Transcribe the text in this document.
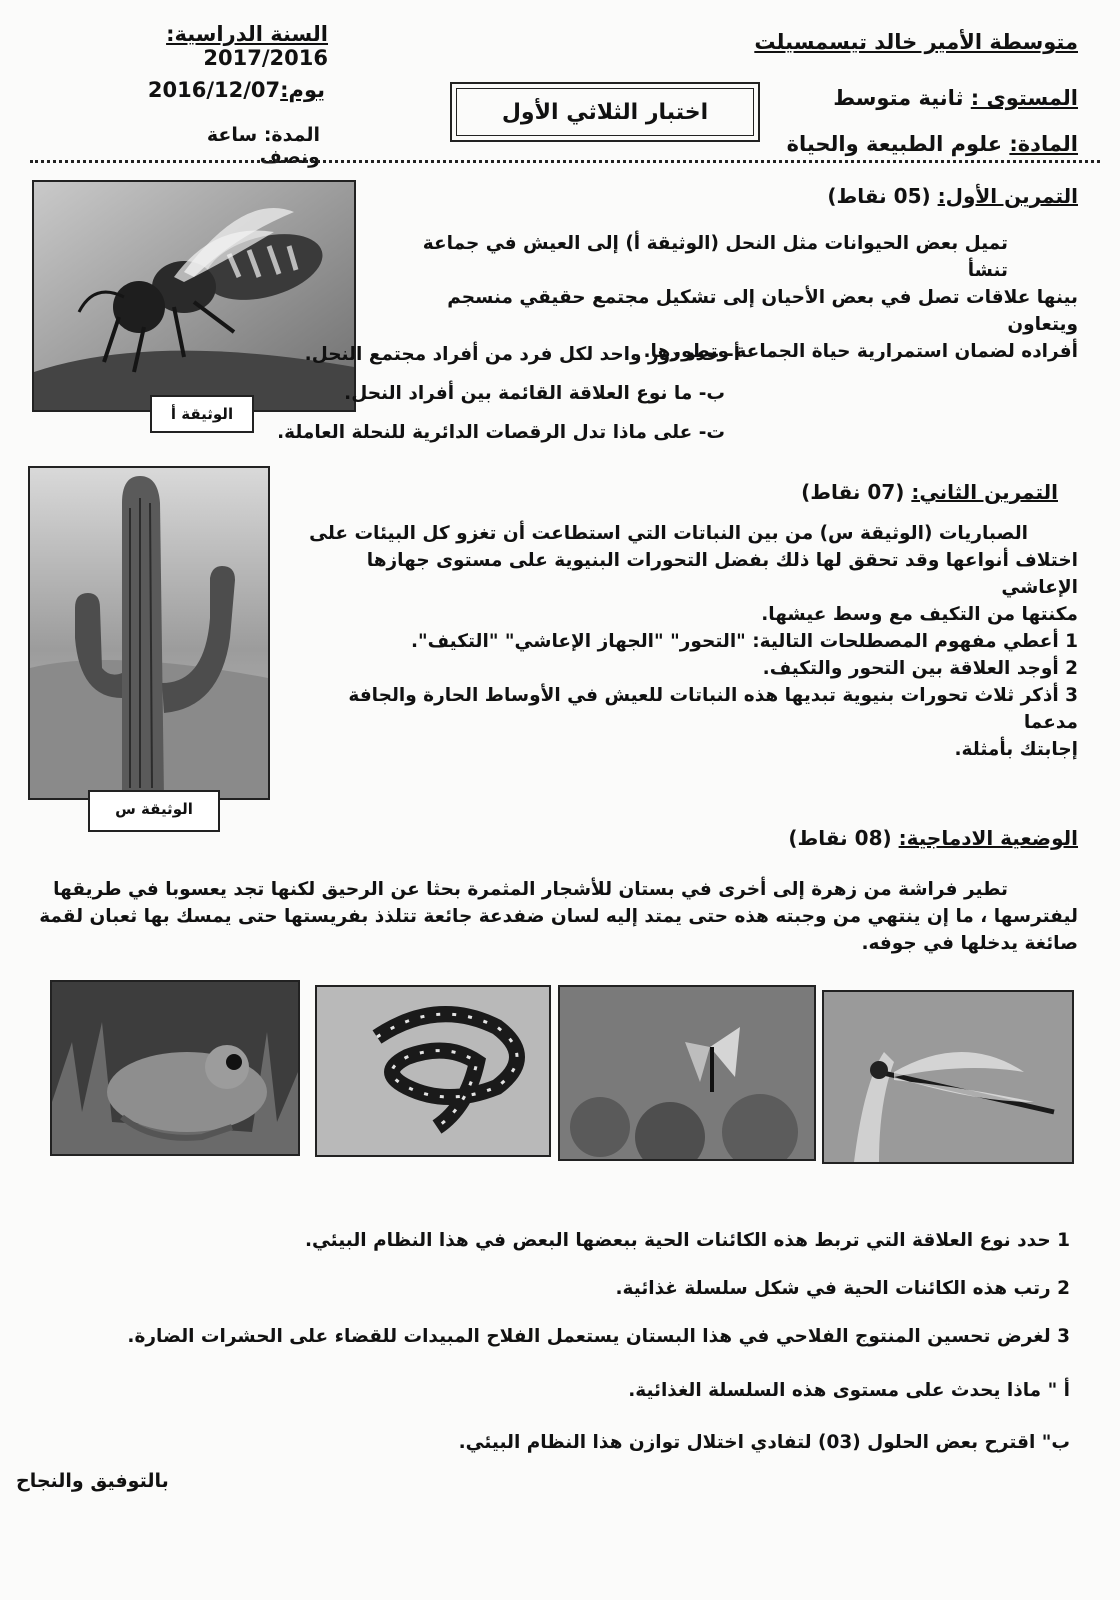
متوسطة الأمير خالد تيسمسيلت
السنة الدراسية: 2017/2016
المستوى : ثانية متوسط
يوم:2016/12/07
اختبار الثلاثي الأول
المادة: علوم الطبيعة والحياة
المدة: ساعة ونصف
الوثيقة أ
التمرين الأول: (05 نقاط)
تميل بعض الحيوانات مثل النحل (الوثيقة أ) إلى العيش في جماعة تنشأ
بينها علاقات تصل في بعض الأحيان إلى تشكيل مجتمع حقيقي منسجم ويتعاون
أفراده لضمان استمرارية حياة الجماعة وتطورها.
أ- حدد دور واحد لكل فرد من أفراد مجتمع النحل.
ب- ما نوع العلاقة القائمة بين أفراد النحل.
ت- على ماذا تدل الرقصات الدائرية للنحلة العاملة.
الوثيقة س
التمرين الثاني: (07 نقاط)
الصباريات (الوثيقة س) من بين النباتات التي استطاعت أن تغزو كل البيئات على
اختلاف أنواعها وقد تحقق لها ذلك بفضل التحورات البنيوية على مستوى جهازها الإعاشي
مكنتها من التكيف مع وسط عيشها.
1 أعطي مفهوم المصطلحات التالية: "التحور" "الجهاز الإعاشي" "التكيف".
2 أوجد العلاقة بين التحور والتكيف.
3 أذكر ثلاث تحورات بنيوية تبديها هذه النباتات للعيش في الأوساط الحارة والجافة مدعما
إجابتك بأمثلة.
الوضعية الادماجية: (08 نقاط)
تطير فراشة من زهرة إلى أخرى في بستان للأشجار المثمرة بحثا عن الرحيق لكنها تجد يعسوبا في طريقها
ليفترسها ، ما إن ينتهي من وجبته هذه حتى يمتد إليه لسان ضفدعة جائعة تتلذذ بفريستها حتى يمسك بها ثعبان لقمة
صائغة يدخلها في جوفه.
1 حدد نوع العلاقة التي تربط هذه الكائنات الحية ببعضها البعض في هذا النظام البيئي.
2 رتب هذه الكائنات الحية في شكل سلسلة غذائية.
3 لغرض تحسين المنتوج الفلاحي في هذا البستان يستعمل الفلاح المبيدات للقضاء على الحشرات الضارة.
أ " ماذا يحدث على مستوى هذه السلسلة الغذائية.
ب" اقترح بعض الحلول (03) لتفادي اختلال توازن هذا النظام البيئي.
بالتوفيق والنجاح
